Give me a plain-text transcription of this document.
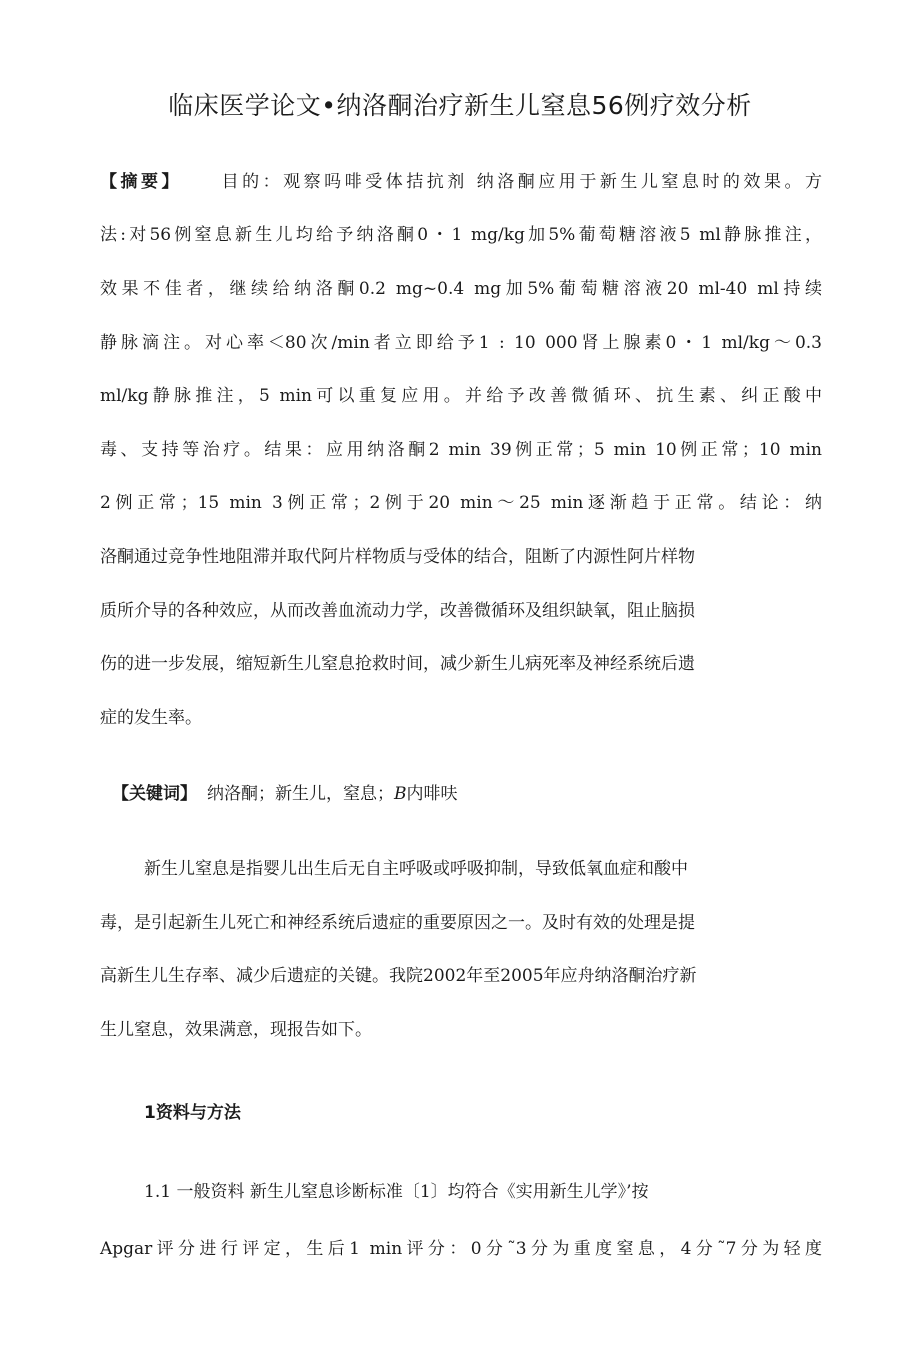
临床医学论文•纳洛酮治疗新生儿窒息56例疗效分析
【摘要】 目的：观察吗啡受体拮抗剂 纳洛酮应用于新生儿窒息时的效果。方
法:对56例窒息新生儿均给予纳洛酮0・1 mg/kg加5%葡萄糖溶液5 ml静脉推注，
效果不佳者，继续给纳洛酮0.2 mg~0.4 mg加5%葡萄糖溶液20 ml-40 ml持续
静脉滴注。对心率＜80次/min者立即给予1 : 10 000肾上腺素0・1 ml/kg～0.3
ml/kg静脉推注，5 min可以重复应用。并给予改善微循环、抗生素、纠正酸中
毒、支持等治疗。结果：应用纳洛酮2 min 39例正常；5 min 10例正常；10 min
2例正常；15 min 3例正常；2例于20 min～25 min逐渐趋于正常。结论：纳
洛酮通过竞争性地阻滞并取代阿片样物质与受体的结合，阻断了内源性阿片样物
质所介导的各种效应，从而改善血流动力学，改善微循环及组织缺氧，阻止脑损
伤的进一步发展，缩短新生儿窒息抢救时间，减少新生儿病死率及神经系统后遗
症的发生率。
【关键词】 纳洛酮；新生儿，窒息；B内啡呋
新生儿窒息是指婴儿出生后无自主呼吸或呼吸抑制，导致低氧血症和酸中
毒，是引起新生儿死亡和神经系统后遗症的重要原因之一。及时有效的处理是提
高新生儿生存率、减少后遗症的关键。我院2002年至2005年应舟纳洛酮治疗新
生儿窒息，效果满意，现报告如下。
1资料与方法
1.1 一般资料 新生儿窒息诊断标准〔1〕均符合《实用新生儿学》’按
Apgar评分进行评定，生后1 min评分：0分˜3分为重度窒息，4分˜7分为轻度
